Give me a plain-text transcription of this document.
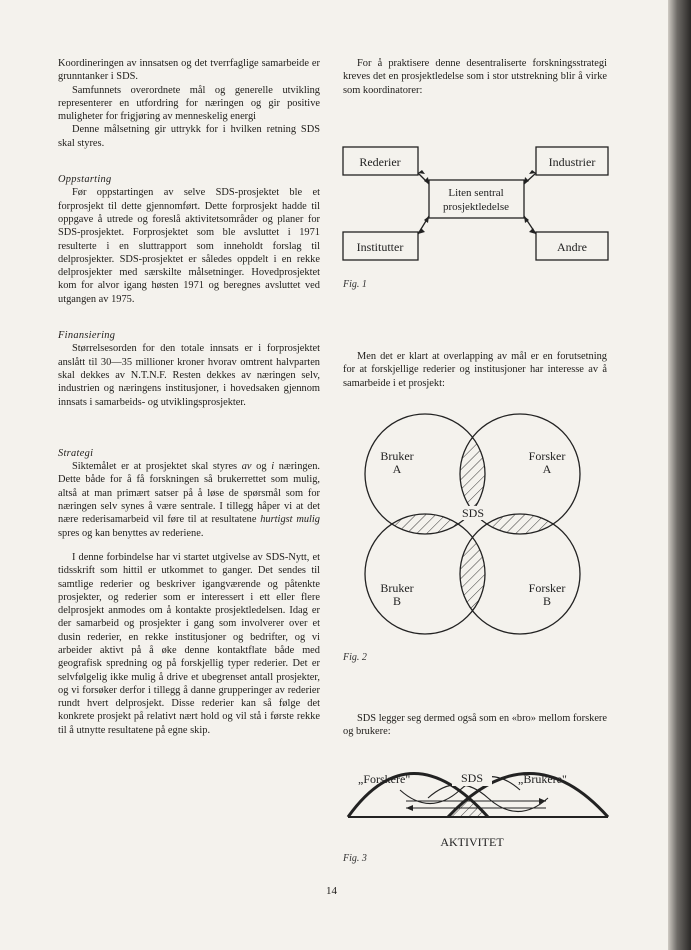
Koordineringen av innsatsen og det tverrfaglige samarbeide er grunntanker i SDS.

Samfunnets overordnete mål og generelle utvikling representerer en utfordring for næringen og gir positive muligheter for frigjøring av menneskelig energi

Denne målsetning gir uttrykk for i hvilken retning SDS skal styres.

Oppstarting

Før oppstartingen av selve SDS-prosjektet ble et forprosjekt til dette gjennomført. Dette forprosjekt hadde til oppgave å utrede og foreslå aktivitetsområder og planer for SDS-prosjektet. Forprosjektet som ble avsluttet i 1971 resulterte i en sluttrapport som inneholdt forslag til delprosjekter. SDS-prosjektet er således oppdelt i en rekke delprosjekter med særskilte målsetninger. Hovedprosjektet kom for alvor igang høsten 1971 og beregnes avsluttet ved utgangen av 1975.

Finansiering

Størrelsesorden for den totale innsats er i forprosjektet anslått til 30—35 millioner kroner hvorav omtrent halvparten skal dekkes av N.T.N.F. Resten dekkes av næringen selv, industrien og næringens institusjoner, i hovedsaken gjennom innsats i samarbeids- og utviklingsprosjekter.

Strategi

Siktemålet er at prosjektet skal styres av og i næringen. Dette både for å få forskningen så brukerrettet som mulig, altså at man primært satser på å løse de spørsmål som for næringen selv synes å være sentrale. I tillegg håper vi at det nære rederisamarbeid vil føre til at resultatene hurtigst mulig spres og kan benyttes av rederiene.

I denne forbindelse har vi startet utgivelse av SDS-Nytt, et tidsskrift som hittil er utkommet to ganger. Det sendes til samtlige rederier og beskriver igangværende og påtenkte prosjekter, og rederier som er interessert i ett eller flere delprosjekt anmodes om å kontakte prosjektledelsen. Idag er der samarbeid og prosjekter i gang som involverer over et dusin rederier, en rekke institusjoner og bedrifter, og vi arbeider aktivt på å øke denne kontaktflate både med geografisk spredning og på forskjellig typer rederier. Det er selvfølgelig ikke mulig å drive et ubegrenset antall prosjekter, og vi forsøker derfor i tillegg å danne grupperinger av rederier rundt hvert delprosjekt. Disse rederier kan så følge det konkrete prosjekt på relativt nært hold og vil stå i første rekke til å utnytte resultatene på egne skip.

For å praktisere denne desentraliserte forskningsstrategi kreves det en prosjektledelse som i stor utstrekning blir å virke som koordinatorer:

Rederier	Industrier
Liten sentral
prosjektledelse
Institutter	Andre
Fig. 1

Men det er klart at overlapping av mål er en forutsetning for at forskjellige rederier og institusjoner har interesse av å samarbeide i et prosjekt:

Bruker
A
Forsker
A
SDS
Bruker
B
Forsker
B
Fig. 2

SDS legger seg dermed også som en «bro» mellom forskere og brukere:

„Forskere"	SDS	„Brukere"
AKTIVITET
Fig. 3
14
